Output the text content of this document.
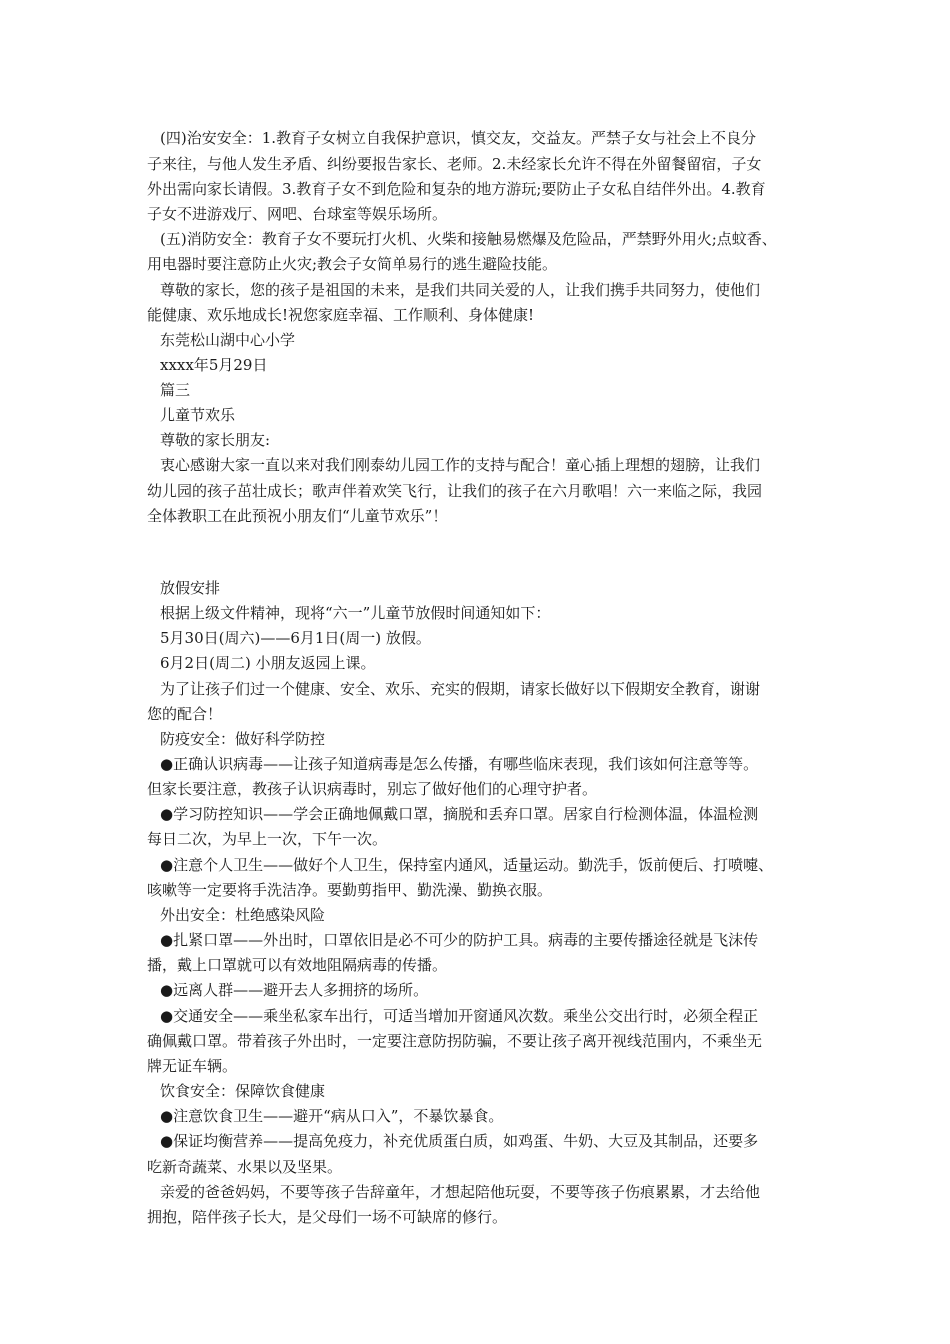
(四)治安安全：1.教育子女树立自我保护意识，慎交友，交益友。严禁子女与社会上不良分
子来往，与他人发生矛盾、纠纷要报告家长、老师。2.未经家长允许不得在外留餐留宿，子女
外出需向家长请假。3.教育子女不到危险和复杂的地方游玩;要防止子女私自结伴外出。4.教育
子女不进游戏厅、网吧、台球室等娱乐场所。
(五)消防安全：教育子女不要玩打火机、火柴和接触易燃爆及危险品，严禁野外用火;点蚊香、
用电器时要注意防止火灾;教会子女简单易行的逃生避险技能。
尊敬的家长，您的孩子是祖国的未来，是我们共同关爱的人，让我们携手共同努力，使他们
能健康、欢乐地成长!祝您家庭幸福、工作顺利、身体健康!
东莞松山湖中心小学
xxxx年5月29日
篇三
儿童节欢乐
尊敬的家长朋友:
衷心感谢大家一直以来对我们刚泰幼儿园工作的支持与配合！童心插上理想的翅膀，让我们
幼儿园的孩子茁壮成长；歌声伴着欢笑飞行，让我们的孩子在六月歌唱！六一来临之际，我园
全体教职工在此预祝小朋友们“儿童节欢乐”！
放假安排
根据上级文件精神，现将“六一”儿童节放假时间通知如下：
5月30日(周六)——6月1日(周一) 放假。
6月2日(周二) 小朋友返园上课。
为了让孩子们过一个健康、安全、欢乐、充实的假期，请家长做好以下假期安全教育，谢谢
您的配合！
防疫安全：做好科学防控
●正确认识病毒——让孩子知道病毒是怎么传播，有哪些临床表现，我们该如何注意等等。
但家长要注意，教孩子认识病毒时，别忘了做好他们的心理守护者。
●学习防控知识——学会正确地佩戴口罩，摘脱和丢弃口罩。居家自行检测体温，体温检测
每日二次，为早上一次，下午一次。
●注意个人卫生——做好个人卫生，保持室内通风，适量运动。勤洗手，饭前便后、打喷嚏、
咳嗽等一定要将手洗洁净。要勤剪指甲、勤洗澡、勤换衣服。
外出安全：杜绝感染风险
●扎紧口罩——外出时，口罩依旧是必不可少的防护工具。病毒的主要传播途径就是飞沫传
播，戴上口罩就可以有效地阻隔病毒的传播。
●远离人群——避开去人多拥挤的场所。
●交通安全——乘坐私家车出行，可适当增加开窗通风次数。乘坐公交出行时，必须全程正
确佩戴口罩。带着孩子外出时，一定要注意防拐防骗，不要让孩子离开视线范围内，不乘坐无
牌无证车辆。
饮食安全：保障饮食健康
●注意饮食卫生——避开“病从口入”，不暴饮暴食。
●保证均衡营养——提高免疫力，补充优质蛋白质，如鸡蛋、牛奶、大豆及其制品，还要多
吃新奇蔬菜、水果以及坚果。
亲爱的爸爸妈妈，不要等孩子告辞童年，才想起陪他玩耍，不要等孩子伤痕累累，才去给他
拥抱，陪伴孩子长大，是父母们一场不可缺席的修行。
